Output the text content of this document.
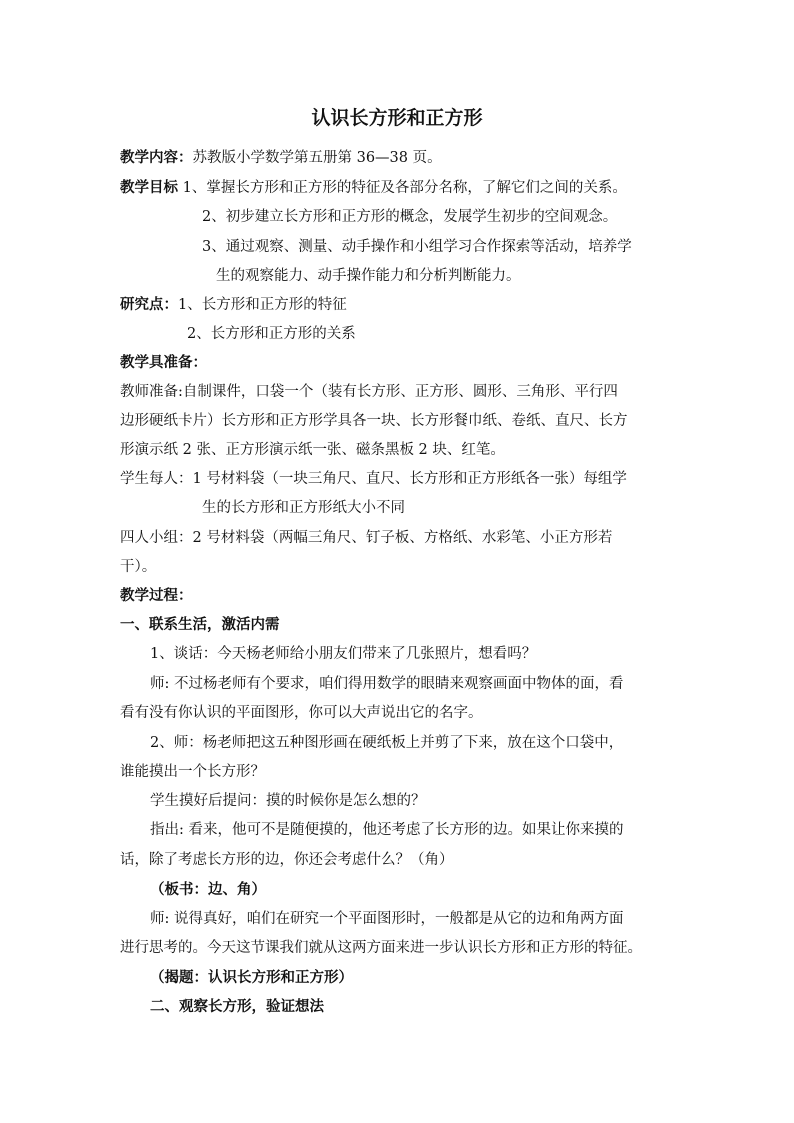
认识长方形和正方形
教学内容：苏教版小学数学第五册第 36—38 页。
教学目标 1、掌握长方形和正方形的特征及各部分名称，了解它们之间的关系。
2、初步建立长方形和正方形的概念，发展学生初步的空间观念。
3、通过观察、测量、动手操作和小组学习合作探索等活动，培养学
生的观察能力、动手操作能力和分析判断能力。
研究点：1、长方形和正方形的特征
2、长方形和正方形的关系
教学具准备：
教师准备:自制课件，口袋一个（装有长方形、正方形、圆形、三角形、平行四
边形硬纸卡片）长方形和正方形学具各一块、长方形餐巾纸、卷纸、直尺、长方
形演示纸 2 张、正方形演示纸一张、磁条黑板 2 块、红笔。
学生每人：1 号材料袋（一块三角尺、直尺、长方形和正方形纸各一张）每组学
生的长方形和正方形纸大小不同
四人小组：2 号材料袋（两幅三角尺、钉子板、方格纸、水彩笔、小正方形若
干）。
教学过程：
一、联系生活，激活内需
1、谈话：今天杨老师给小朋友们带来了几张照片，想看吗？
师: 不过杨老师有个要求，咱们得用数学的眼睛来观察画面中物体的面，看
看有没有你认识的平面图形，你可以大声说出它的名字。
2、师：杨老师把这五种图形画在硬纸板上并剪了下来，放在这个口袋中，
谁能摸出一个长方形？
学生摸好后提问：摸的时候你是怎么想的？
指出: 看来，他可不是随便摸的，他还考虑了长方形的边。如果让你来摸的
话，除了考虑长方形的边，你还会考虑什么？（角）
（板书：边、角）
师: 说得真好，咱们在研究一个平面图形时，一般都是从它的边和角两方面
进行思考的。今天这节课我们就从这两方面来进一步认识长方形和正方形的特征。
（揭题：认识长方形和正方形）
二、观察长方形，验证想法
